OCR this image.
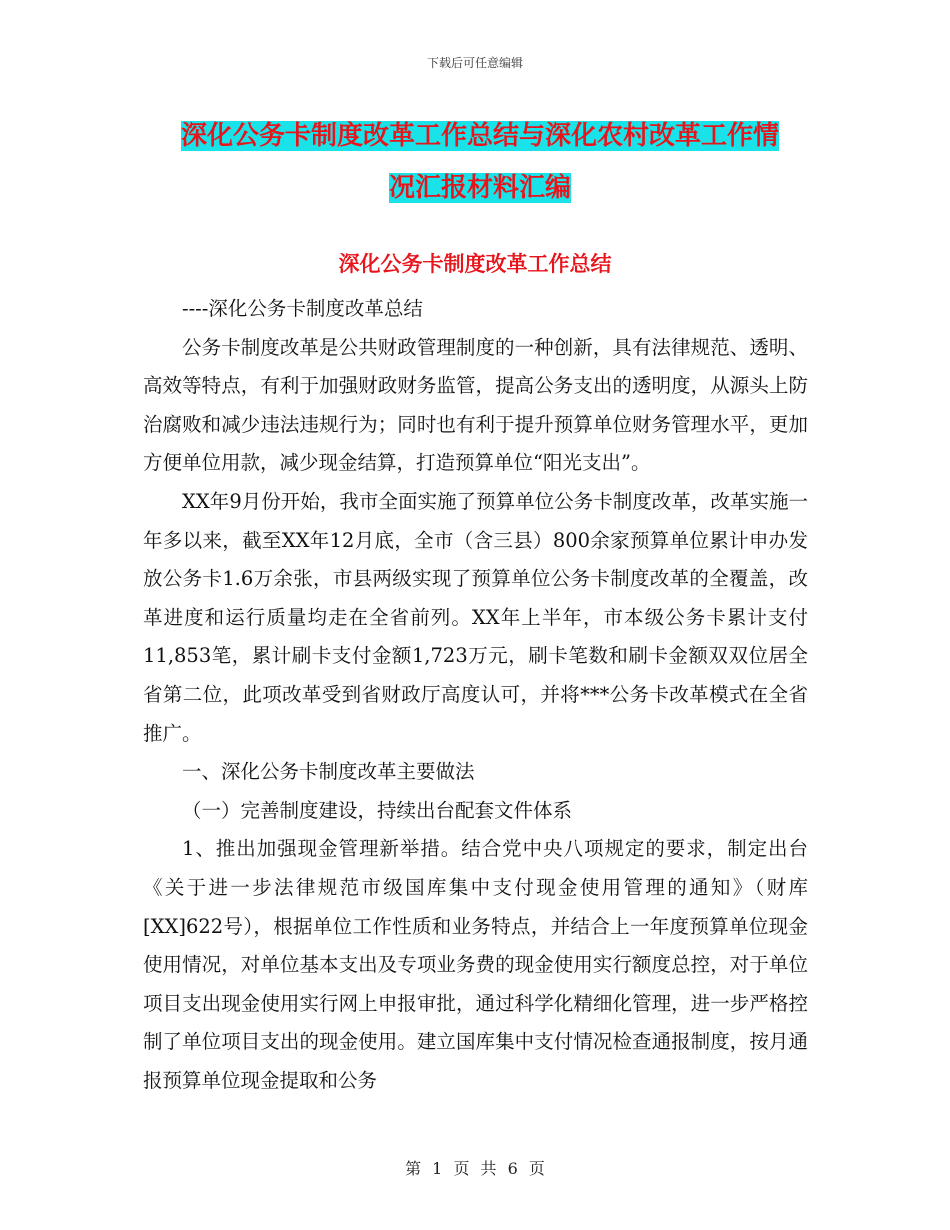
下载后可任意编辑
深化公务卡制度改革工作总结与深化农村改革工作情
况汇报材料汇编
深化公务卡制度改革工作总结

----深化公务卡制度改革总结

公务卡制度改革是公共财政管理制度的一种创新，具有法律规范、透明、高效等特点，有利于加强财政财务监管，提高公务支出的透明度，从源头上防治腐败和减少违法违规行为；同时也有利于提升预算单位财务管理水平，更加方便单位用款，减少现金结算，打造预算单位“阳光支出”。

XX年9月份开始，我市全面实施了预算单位公务卡制度改革，改革实施一年多以来，截至XX年12月底，全市（含三县）800余家预算单位累计申办发放公务卡1.6万余张，市县两级实现了预算单位公务卡制度改革的全覆盖，改革进度和运行质量均走在全省前列。XX年上半年，市本级公务卡累计支付11,853笔，累计刷卡支付金额1,723万元，刷卡笔数和刷卡金额双双位居全省第二位，此项改革受到省财政厅高度认可，并将***公务卡改革模式在全省推广。

一、深化公务卡制度改革主要做法

（一）完善制度建设，持续出台配套文件体系

1、推出加强现金管理新举措。结合党中央八项规定的要求，制定出台《关于进一步法律规范市级国库集中支付现金使用管理的通知》（财库[XX]622号），根据单位工作性质和业务特点，并结合上一年度预算单位现金使用情况，对单位基本支出及专项业务费的现金使用实行额度总控，对于单位项目支出现金使用实行网上申报审批，通过科学化精细化管理，进一步严格控制了单位项目支出的现金使用。建立国库集中支付情况检查通报制度，按月通报预算单位现金提取和公务

第 1 页 共 6 页
